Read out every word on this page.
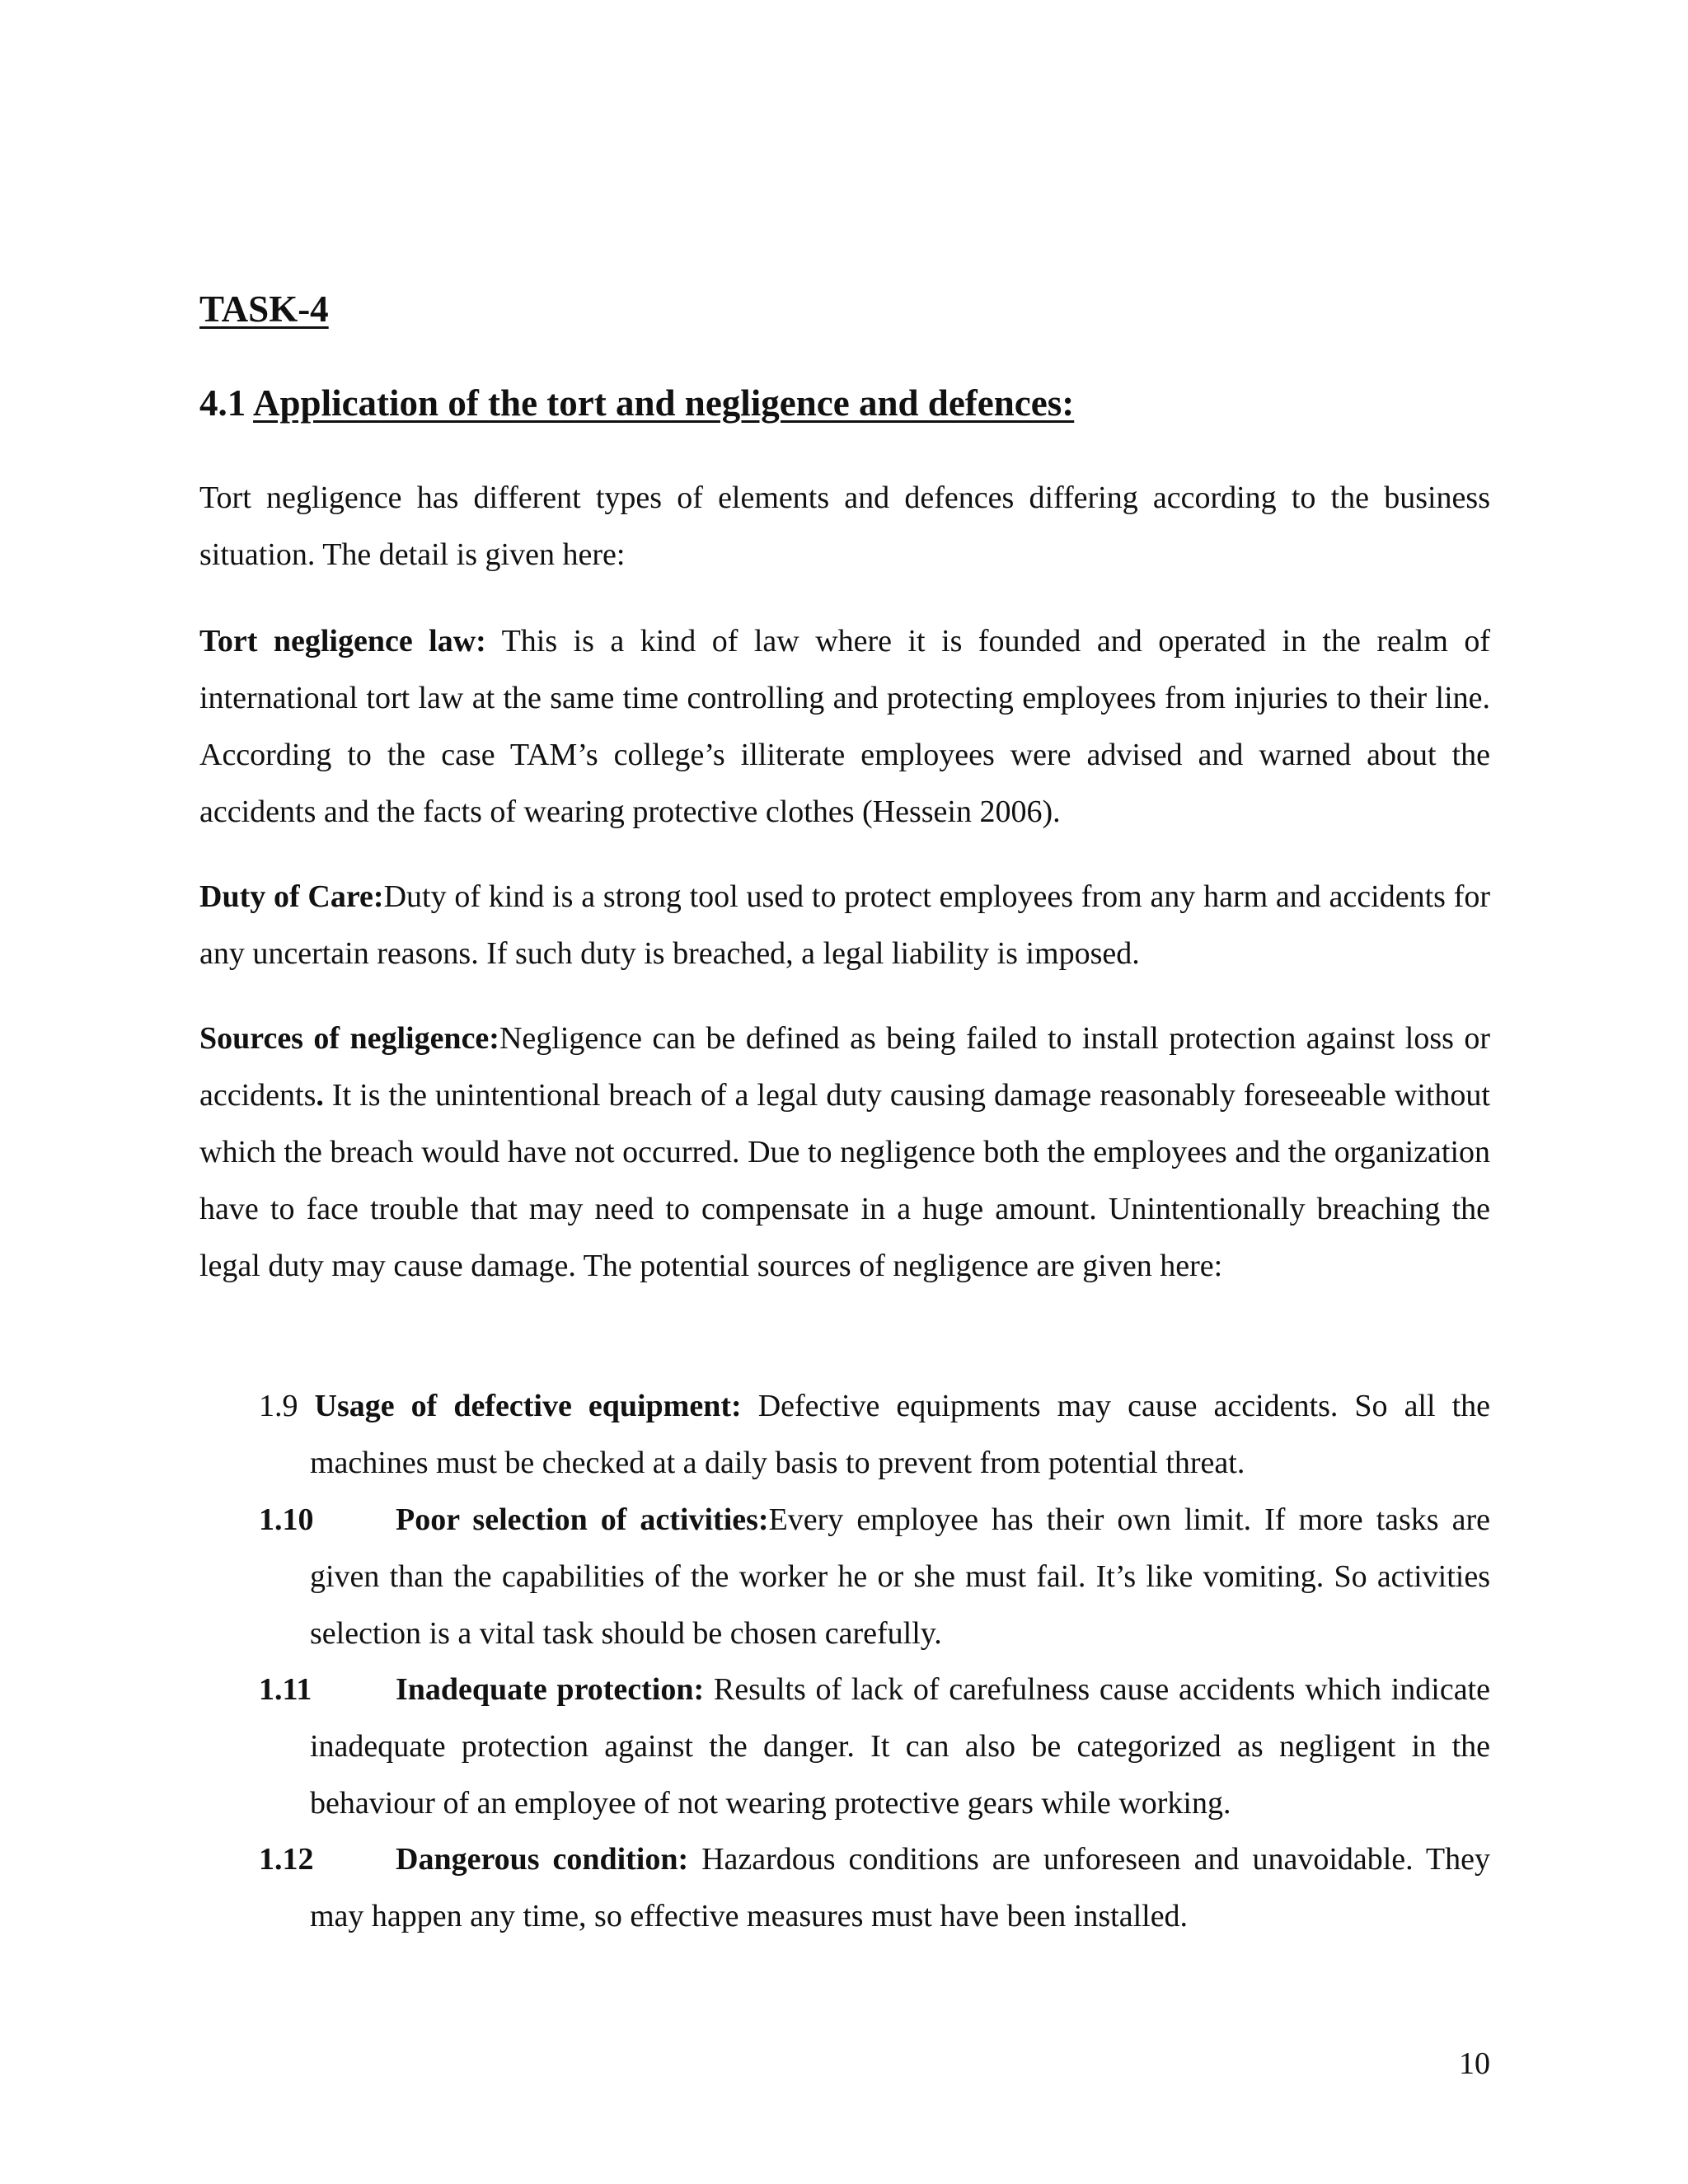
TASK-4
4.1 Application of the tort and negligence and defences:

Tort negligence has different types of elements and defences differing according to the business situation. The detail is given here:

Tort negligence law: This is a kind of law where it is founded and operated in the realm of international tort law at the same time controlling and protecting employees from injuries to their line. According to the case TAM’s college’s illiterate employees were advised and warned about the accidents and the facts of wearing protective clothes (Hessein 2006).

Duty of Care:Duty of kind is a strong tool used to protect employees from any harm and accidents for any uncertain reasons. If such duty is breached, a legal liability is imposed.

Sources of negligence:Negligence can be defined as being failed to install protection against loss or accidents. It is the unintentional breach of a legal duty causing damage reasonably foreseeable without which the breach would have not occurred. Due to negligence both the employees and the organization have to face trouble that may need to compensate in a huge amount. Unintentionally breaching the legal duty may cause damage. The potential sources of negligence are given here:

1.9 Usage of defective equipment: Defective equipments may cause accidents. So all the machines must be checked at a daily basis to prevent from potential threat.

1.10	Poor selection of activities:Every employee has their own limit. If more tasks are given than the capabilities of the worker he or she must fail. It’s like vomiting. So activities selection is a vital task should be chosen carefully.

1.11	Inadequate protection: Results of lack of carefulness cause accidents which indicate inadequate protection against the danger. It can also be categorized as negligent in the behaviour of an employee of not wearing protective gears while working.

1.12	Dangerous condition: Hazardous conditions are unforeseen and unavoidable. They may happen any time, so effective measures must have been installed.

10
